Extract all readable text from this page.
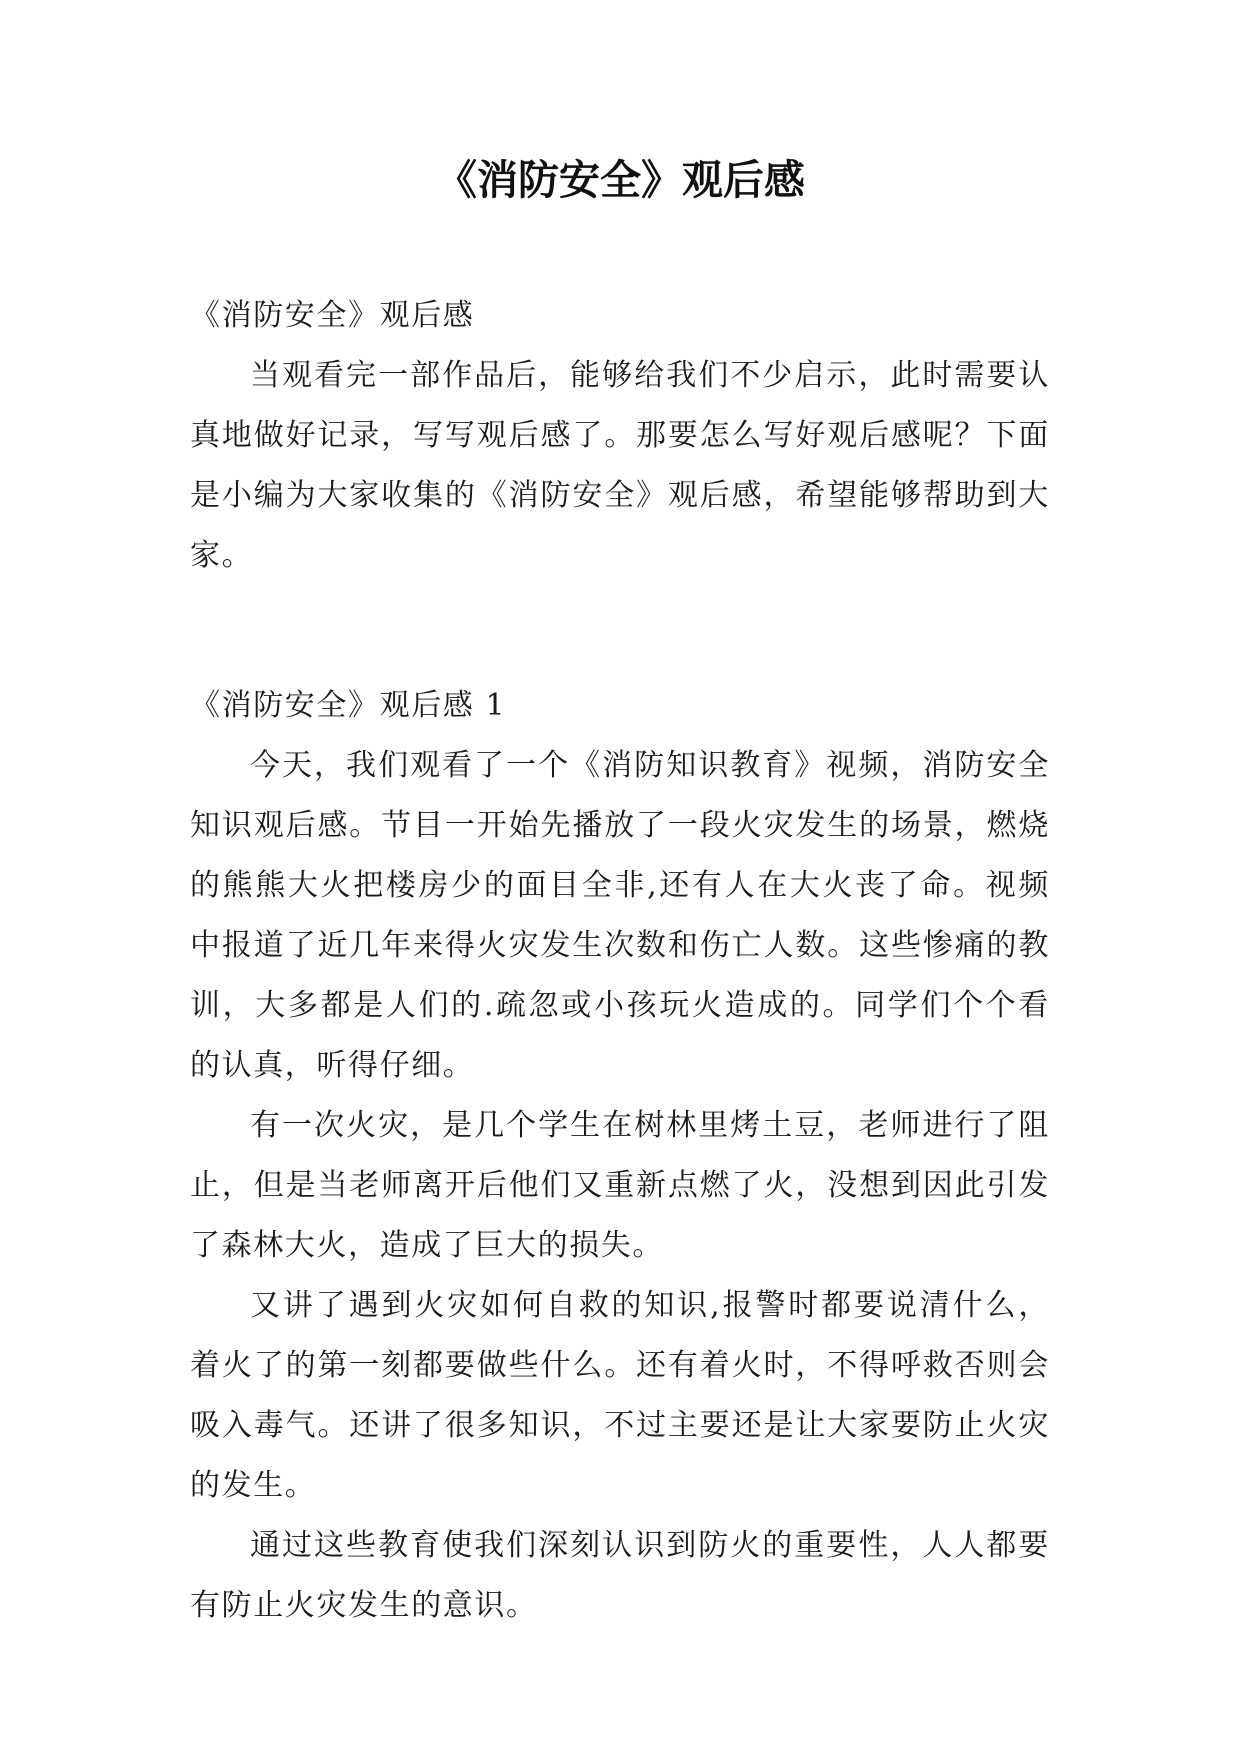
《消防安全》观后感

《消防安全》观后感

当观看完一部作品后，能够给我们不少启示，此时需要认真地做好记录，写写观后感了。那要怎么写好观后感呢？下面是小编为大家收集的《消防安全》观后感，希望能够帮助到大家。

《消防安全》观后感 1

今天，我们观看了一个《消防知识教育》视频，消防安全知识观后感。节目一开始先播放了一段火灾发生的场景，燃烧的熊熊大火把楼房少的面目全非,还有人在大火丧了命。视频中报道了近几年来得火灾发生次数和伤亡人数。这些惨痛的教训，大多都是人们的.疏忽或小孩玩火造成的。同学们个个看的认真，听得仔细。

有一次火灾，是几个学生在树林里烤土豆，老师进行了阻止，但是当老师离开后他们又重新点燃了火，没想到因此引发了森林大火，造成了巨大的损失。

又讲了遇到火灾如何自救的知识,报警时都要说清什么，着火了的第一刻都要做些什么。还有着火时，不得呼救否则会吸入毒气。还讲了很多知识，不过主要还是让大家要防止火灾的发生。

通过这些教育使我们深刻认识到防火的重要性，人人都要有防止火灾发生的意识。
